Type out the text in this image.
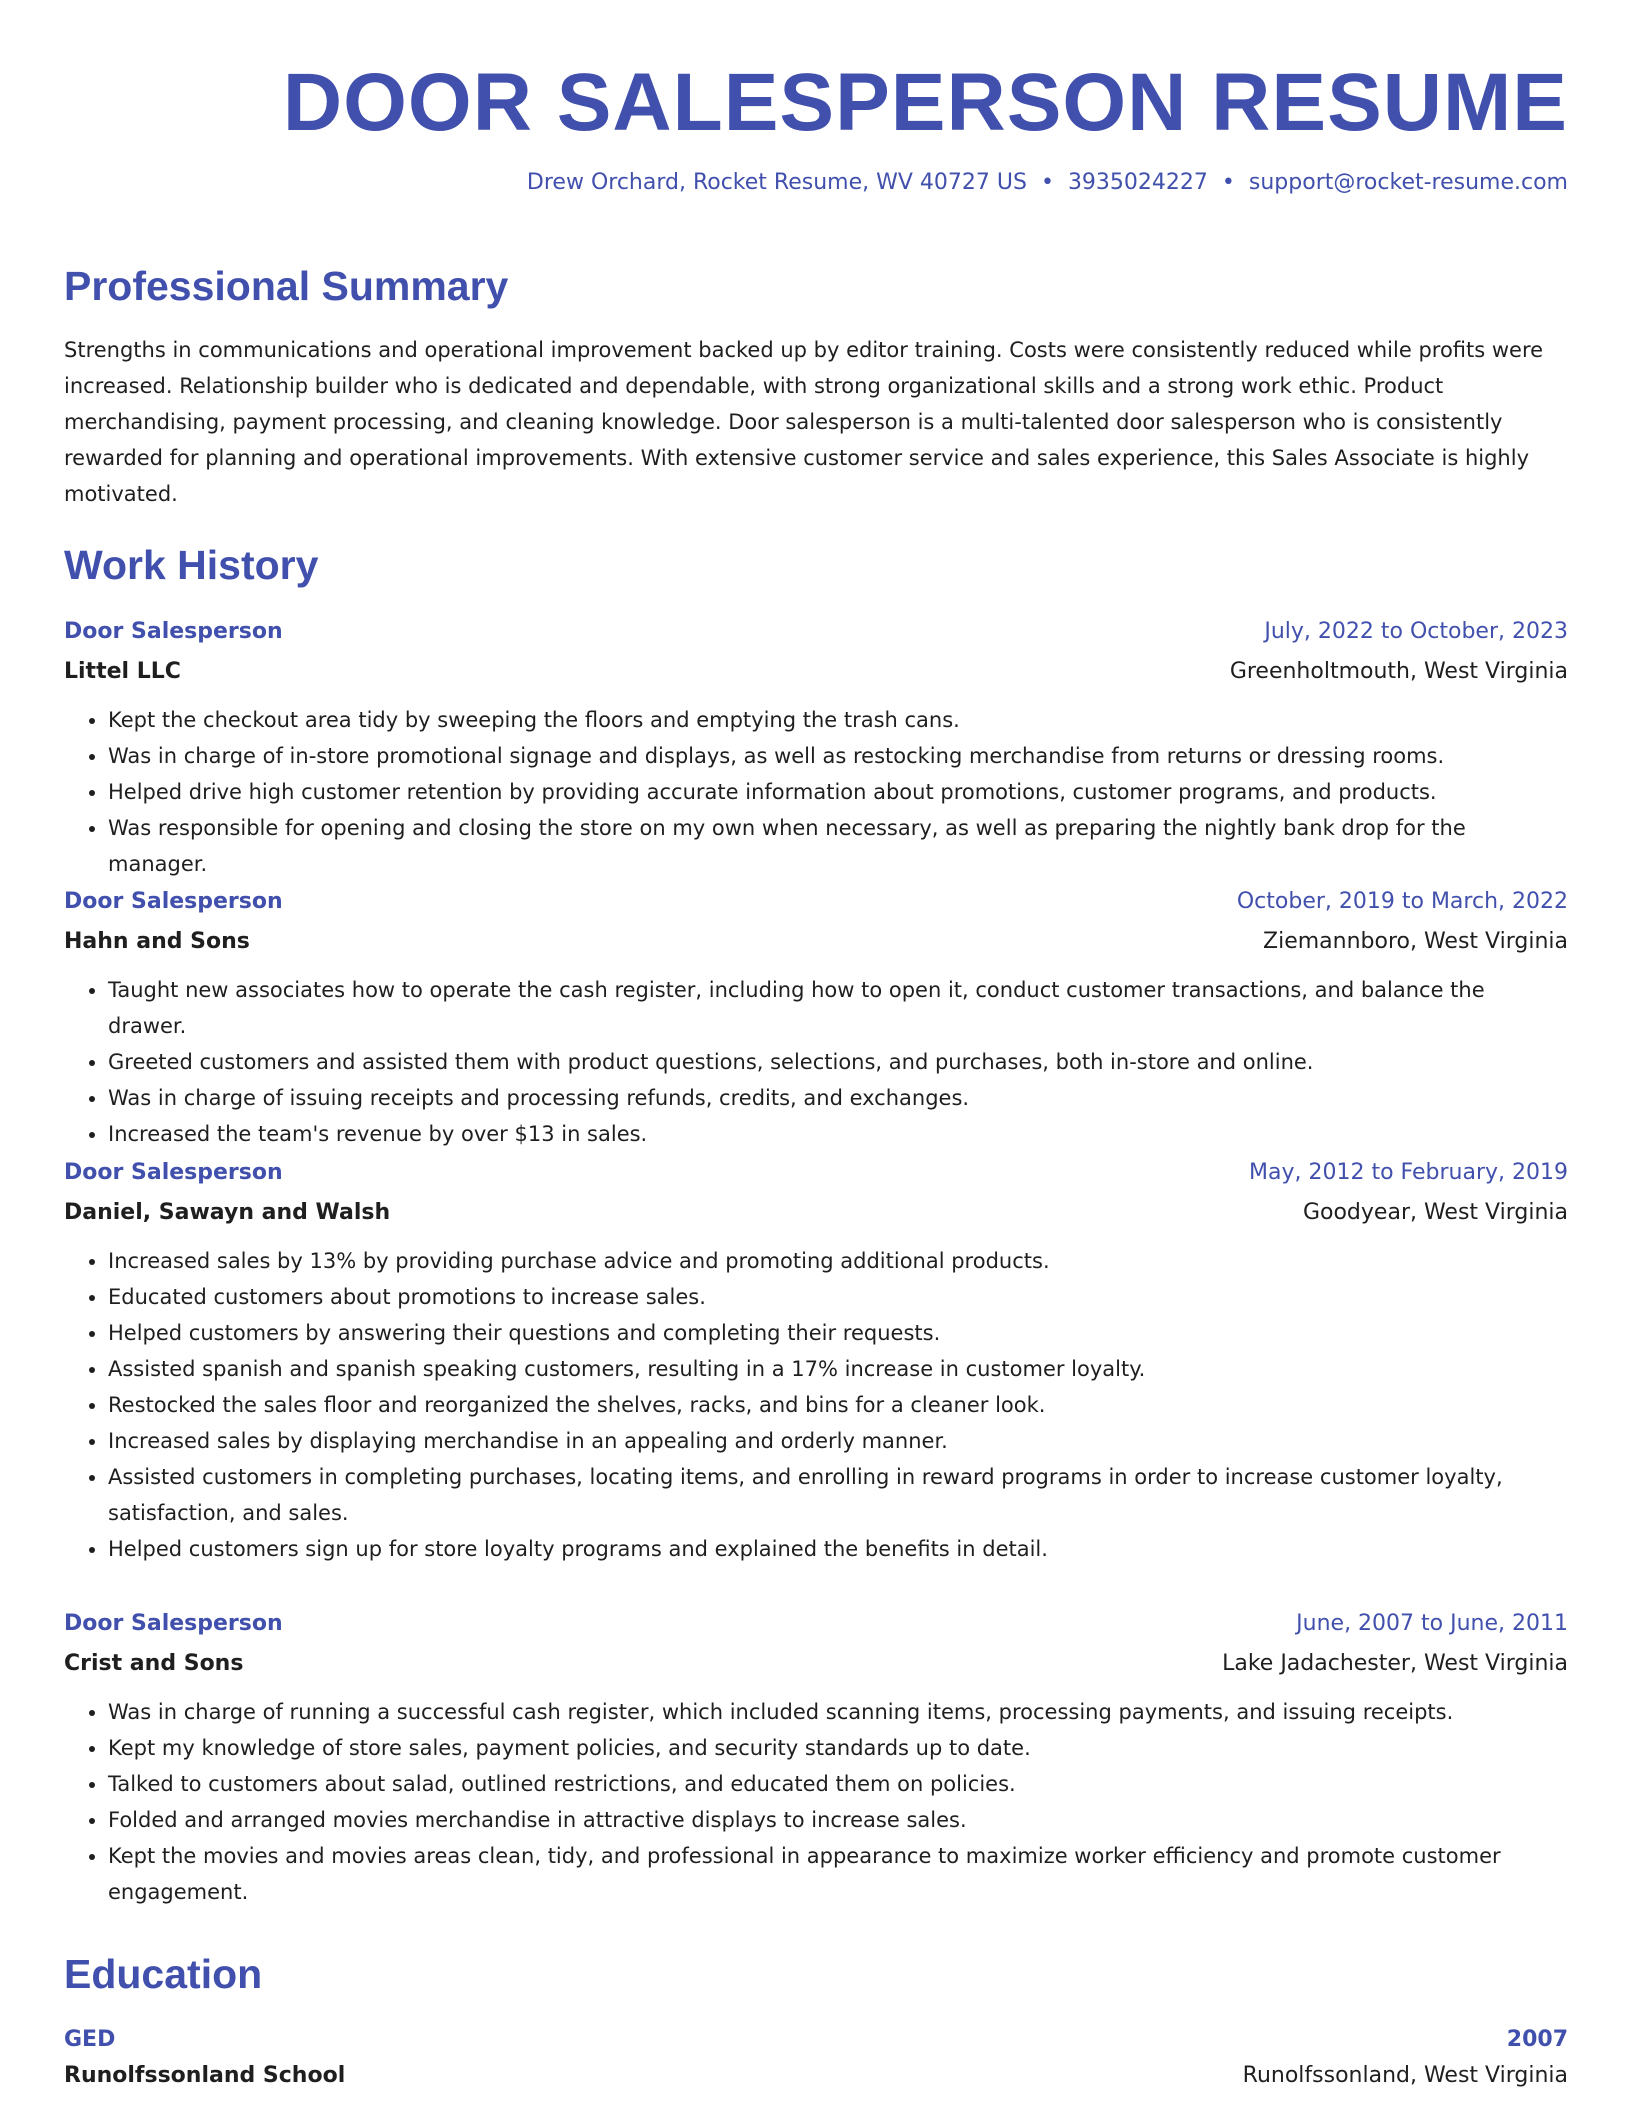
DOOR SALESPERSON RESUME
Drew Orchard, Rocket Resume, WV 40727 US • 3935024227 • support@rocket-resume.com
Professional Summary

Strengths in communications and operational improvement backed up by editor training. Costs were consistently reduced while profits were increased. Relationship builder who is dedicated and dependable, with strong organizational skills and a strong work ethic. Product merchandising, payment processing, and cleaning knowledge. Door salesperson is a multi-talented door salesperson who is consistently rewarded for planning and operational improvements. With extensive customer service and sales experience, this Sales Associate is highly motivated.

Work History
Door Salesperson	July, 2022 to October, 2023
Littel LLC	Greenholtmouth, West Virginia
• Kept the checkout area tidy by sweeping the floors and emptying the trash cans.
• Was in charge of in-store promotional signage and displays, as well as restocking merchandise from returns or dressing rooms.
• Helped drive high customer retention by providing accurate information about promotions, customer programs, and products.
• Was responsible for opening and closing the store on my own when necessary, as well as preparing the nightly bank drop for the manager.
Door Salesperson	October, 2019 to March, 2022
Hahn and Sons	Ziemannboro, West Virginia
• Taught new associates how to operate the cash register, including how to open it, conduct customer transactions, and balance the drawer.
• Greeted customers and assisted them with product questions, selections, and purchases, both in-store and online.
• Was in charge of issuing receipts and processing refunds, credits, and exchanges.
• Increased the team's revenue by over $13 in sales.
Door Salesperson	May, 2012 to February, 2019
Daniel, Sawayn and Walsh	Goodyear, West Virginia
• Increased sales by 13% by providing purchase advice and promoting additional products.
• Educated customers about promotions to increase sales.
• Helped customers by answering their questions and completing their requests.
• Assisted spanish and spanish speaking customers, resulting in a 17% increase in customer loyalty.
• Restocked the sales floor and reorganized the shelves, racks, and bins for a cleaner look.
• Increased sales by displaying merchandise in an appealing and orderly manner.
• Assisted customers in completing purchases, locating items, and enrolling in reward programs in order to increase customer loyalty, satisfaction, and sales.
• Helped customers sign up for store loyalty programs and explained the benefits in detail.
Door Salesperson	June, 2007 to June, 2011
Crist and Sons	Lake Jadachester, West Virginia
• Was in charge of running a successful cash register, which included scanning items, processing payments, and issuing receipts.
• Kept my knowledge of store sales, payment policies, and security standards up to date.
• Talked to customers about salad, outlined restrictions, and educated them on policies.
• Folded and arranged movies merchandise in attractive displays to increase sales.
• Kept the movies and movies areas clean, tidy, and professional in appearance to maximize worker efficiency and promote customer engagement.
Education
GED	2007
Runolfssonland School	Runolfssonland, West Virginia
